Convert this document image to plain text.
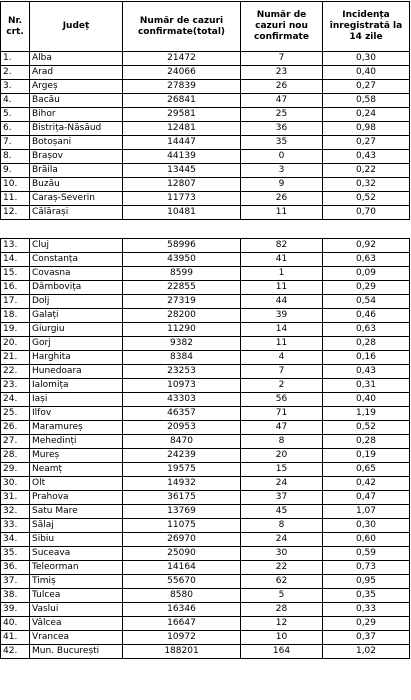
Nr. crt.	Județ	Număr de cazuri confirmate(total)	Număr de cazuri nou confirmate	Incidența înregistrată la 14 zile
1.	Alba	21472	7	0,30
2.	Arad	24066	23	0,40
3.	Argeș	27839	26	0,27
4.	Bacău	26841	47	0,58
5.	Bihor	29581	25	0,24
6.	Bistrița-Năsăud	12481	36	0,98
7.	Botoșani	14447	35	0,27
8.	Brașov	44139	0	0,43
9.	Brăila	13445	3	0,22
10.	Buzău	12807	9	0,32
11.	Caraș-Severin	11773	26	0,52
12.	Călărași	10481	11	0,70
13.	Cluj	58996	82	0,92
14.	Constanța	43950	41	0,63
15.	Covasna	8599	1	0,09
16.	Dâmbovița	22855	11	0,29
17.	Dolj	27319	44	0,54
18.	Galați	28200	39	0,46
19.	Giurgiu	11290	14	0,63
20.	Gorj	9382	11	0,28
21.	Harghita	8384	4	0,16
22.	Hunedoara	23253	7	0,43
23.	Ialomița	10973	2	0,31
24.	Iași	43303	56	0,40
25.	Ilfov	46357	71	1,19
26.	Maramureș	20953	47	0,52
27.	Mehedinți	8470	8	0,28
28.	Mureș	24239	20	0,19
29.	Neamț	19575	15	0,65
30.	Olt	14932	24	0,42
31.	Prahova	36175	37	0,47
32.	Satu Mare	13769	45	1,07
33.	Sălaj	11075	8	0,30
34.	Sibiu	26970	24	0,60
35.	Suceava	25090	30	0,59
36.	Teleorman	14164	22	0,73
37.	Timiș	55670	62	0,95
38.	Tulcea	8580	5	0,35
39.	Vaslui	16346	28	0,33
40.	Vâlcea	16647	12	0,29
41.	Vrancea	10972	10	0,37
42.	Mun. București	188201	164	1,02
